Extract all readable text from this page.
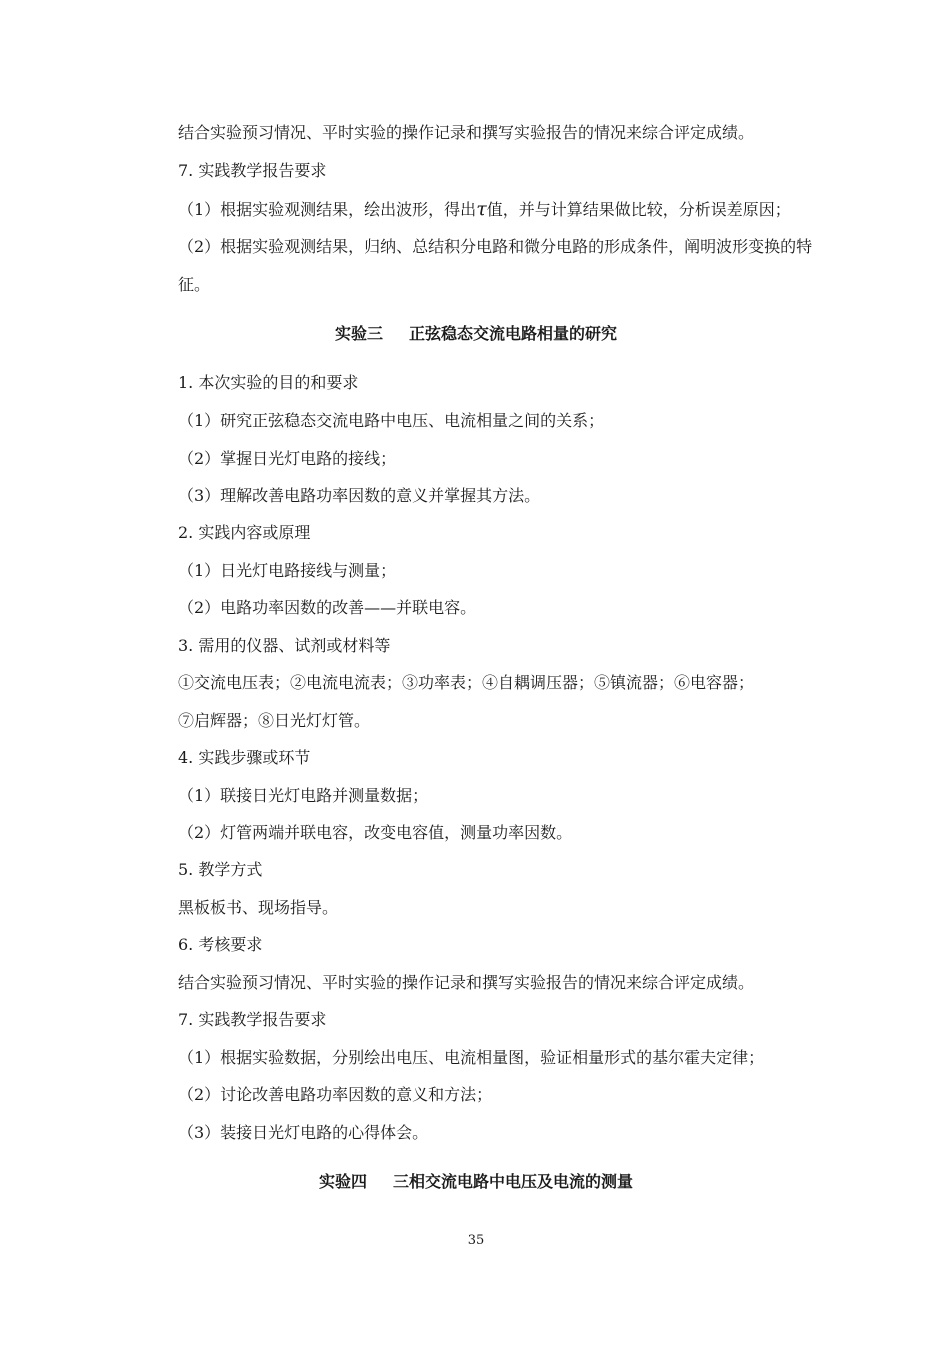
结合实验预习情况、平时实验的操作记录和撰写实验报告的情况来综合评定成绩。
7. 实践教学报告要求
（1）根据实验观测结果，绘出波形，得出τ值，并与计算结果做比较，分析误差原因；
（2）根据实验观测结果，归纳、总结积分电路和微分电路的形成条件，阐明波形变换的特
征。
实验三 正弦稳态交流电路相量的研究
1. 本次实验的目的和要求
（1）研究正弦稳态交流电路中电压、电流相量之间的关系；
（2）掌握日光灯电路的接线；
（3）理解改善电路功率因数的意义并掌握其方法。
2. 实践内容或原理
（1）日光灯电路接线与测量；
（2）电路功率因数的改善——并联电容。
3. 需用的仪器、试剂或材料等
①交流电压表；②电流电流表；③功率表；④自耦调压器；⑤镇流器；⑥电容器；
⑦启辉器；⑧日光灯灯管。
4. 实践步骤或环节
（1）联接日光灯电路并测量数据；
（2）灯管两端并联电容，改变电容值，测量功率因数。
5. 教学方式
黑板板书、现场指导。
6. 考核要求
结合实验预习情况、平时实验的操作记录和撰写实验报告的情况来综合评定成绩。
7. 实践教学报告要求
（1）根据实验数据，分别绘出电压、电流相量图，验证相量形式的基尔霍夫定律；
（2）讨论改善电路功率因数的意义和方法；
（3）装接日光灯电路的心得体会。
实验四 三相交流电路中电压及电流的测量
35
